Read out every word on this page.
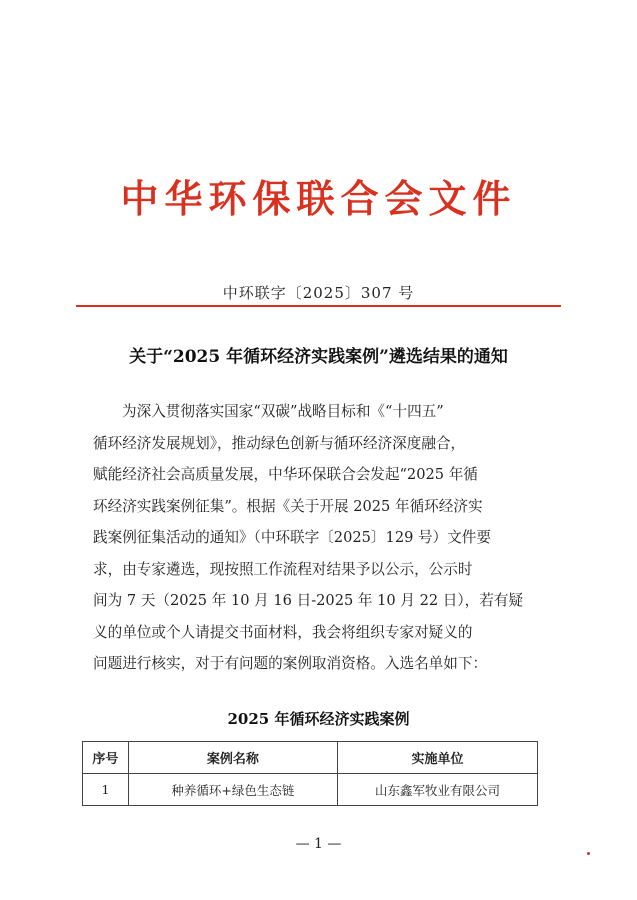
中华环保联合会文件
中环联字〔2025〕307 号
关于“2025 年循环经济实践案例”遴选结果的通知
为深入贯彻落实国家“双碳”战略目标和《“十四五”
循环经济发展规划》，推动绿色创新与循环经济深度融合，
赋能经济社会高质量发展，中华环保联合会发起“2025 年循
环经济实践案例征集”。根据《关于开展 2025 年循环经济实
践案例征集活动的通知》（中环联字〔2025〕129 号）文件要
求，由专家遴选，现按照工作流程对结果予以公示，公示时
间为 7 天（2025 年 10 月 16 日-2025 年 10 月 22 日），若有疑
义的单位或个人请提交书面材料，我会将组织专家对疑义的
问题进行核实，对于有问题的案例取消资格。入选名单如下：
2025 年循环经济实践案例
序号	案例名称	实施单位
1	种养循环+绿色生态链	山东鑫军牧业有限公司
— 1 —
